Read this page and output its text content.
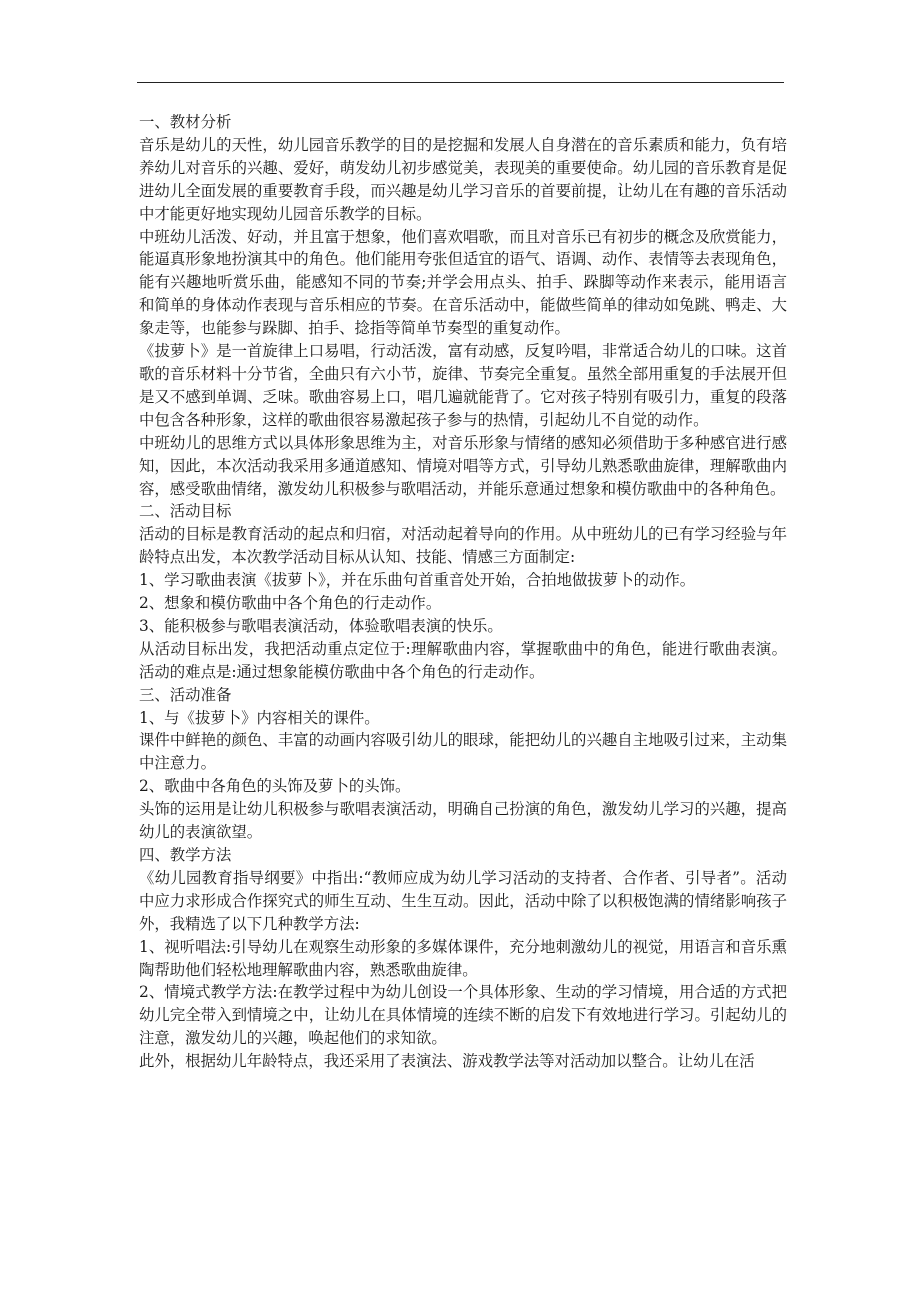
一、教材分析

音乐是幼儿的天性，幼儿园音乐教学的目的是挖掘和发展人自身潜在的音乐素质和能力，负有培养幼儿对音乐的兴趣、爱好，萌发幼儿初步感觉美，表现美的重要使命。幼儿园的音乐教育是促进幼儿全面发展的重要教育手段，而兴趣是幼儿学习音乐的首要前提，让幼儿在有趣的音乐活动中才能更好地实现幼儿园音乐教学的目标。

中班幼儿活泼、好动，并且富于想象，他们喜欢唱歌，而且对音乐已有初步的概念及欣赏能力，能逼真形象地扮演其中的角色。他们能用夸张但适宜的语气、语调、动作、表情等去表现角色，能有兴趣地听赏乐曲，能感知不同的节奏;并学会用点头、拍手、跺脚等动作来表示，能用语言和简单的身体动作表现与音乐相应的节奏。在音乐活动中，能做些简单的律动如兔跳、鸭走、大象走等，也能参与跺脚、拍手、捻指等简单节奏型的重复动作。

《拔萝卜》是一首旋律上口易唱，行动活泼，富有动感，反复吟唱，非常适合幼儿的口味。这首歌的音乐材料十分节省，全曲只有六小节，旋律、节奏完全重复。虽然全部用重复的手法展开但是又不感到单调、乏味。歌曲容易上口，唱几遍就能背了。它对孩子特别有吸引力，重复的段落中包含各种形象，这样的歌曲很容易激起孩子参与的热情，引起幼儿不自觉的动作。

中班幼儿的思维方式以具体形象思维为主，对音乐形象与情绪的感知必须借助于多种感官进行感知，因此，本次活动我采用多通道感知、情境对唱等方式，引导幼儿熟悉歌曲旋律，理解歌曲内容，感受歌曲情绪，激发幼儿积极参与歌唱活动，并能乐意通过想象和模仿歌曲中的各种角色。

二、活动目标

活动的目标是教育活动的起点和归宿，对活动起着导向的作用。从中班幼儿的已有学习经验与年龄特点出发，本次教学活动目标从认知、技能、情感三方面制定:

1、学习歌曲表演《拔萝卜》，并在乐曲句首重音处开始，合拍地做拔萝卜的动作。

2、想象和模仿歌曲中各个角色的行走动作。

3、能积极参与歌唱表演活动，体验歌唱表演的快乐。

从活动目标出发，我把活动重点定位于:理解歌曲内容，掌握歌曲中的角色，能进行歌曲表演。活动的难点是:通过想象能模仿歌曲中各个角色的行走动作。

三、活动准备

1、与《拔萝卜》内容相关的课件。

课件中鲜艳的颜色、丰富的动画内容吸引幼儿的眼球，能把幼儿的兴趣自主地吸引过来，主动集中注意力。

2、歌曲中各角色的头饰及萝卜的头饰。

头饰的运用是让幼儿积极参与歌唱表演活动，明确自己扮演的角色，激发幼儿学习的兴趣，提高幼儿的表演欲望。

四、教学方法

《幼儿园教育指导纲要》中指出:“教师应成为幼儿学习活动的支持者、合作者、引导者”。活动中应力求形成合作探究式的师生互动、生生互动。因此，活动中除了以积极饱满的情绪影响孩子外，我精选了以下几种教学方法:

1、视听唱法:引导幼儿在观察生动形象的多媒体课件，充分地刺激幼儿的视觉，用语言和音乐熏陶帮助他们轻松地理解歌曲内容，熟悉歌曲旋律。

2、情境式教学方法:在教学过程中为幼儿创设一个具体形象、生动的学习情境，用合适的方式把幼儿完全带入到情境之中，让幼儿在具体情境的连续不断的启发下有效地进行学习。引起幼儿的注意，激发幼儿的兴趣，唤起他们的求知欲。

此外，根据幼儿年龄特点，我还采用了表演法、游戏教学法等对活动加以整合。让幼儿在活
